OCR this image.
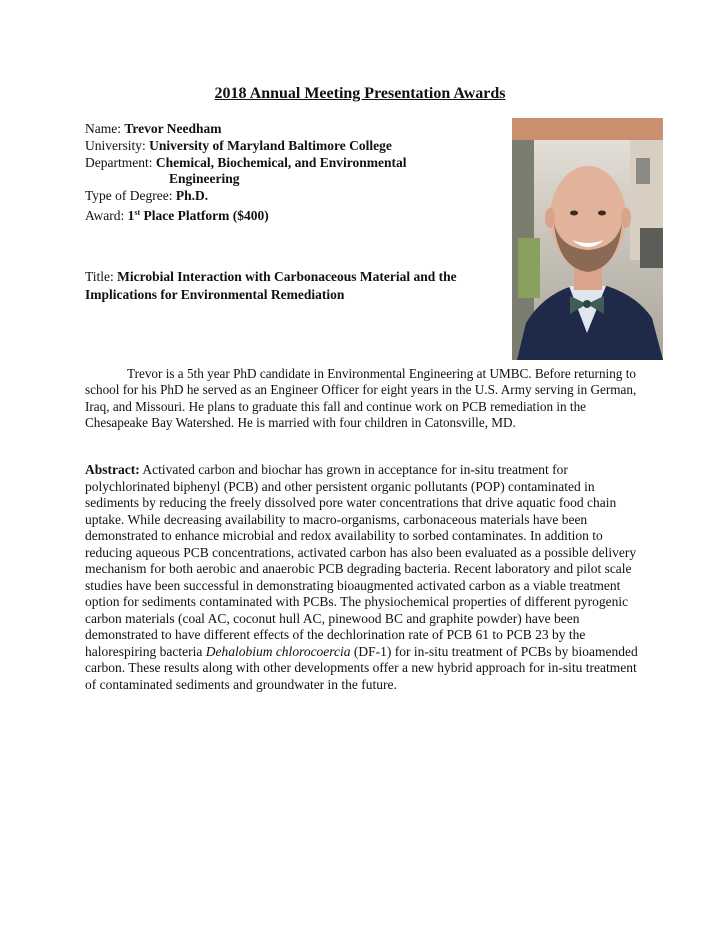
2018 Annual Meeting Presentation Awards
Name: Trevor Needham
University: University of Maryland Baltimore College
Department: Chemical, Biochemical, and Environmental
Engineering
Type of Degree: Ph.D.
Award: 1st Place Platform ($400)
Title: Microbial Interaction with Carbonaceous Material and the Implications for Environmental Remediation
Trevor is a 5th year PhD candidate in Environmental Engineering at UMBC. Before returning to school for his PhD he served as an Engineer Officer for eight years in the U.S. Army serving in German, Iraq, and Missouri. He plans to graduate this fall and continue work on PCB remediation in the Chesapeake Bay Watershed. He is married with four children in Catonsville, MD.
Abstract: Activated carbon and biochar has grown in acceptance for in-situ treatment for polychlorinated biphenyl (PCB) and other persistent organic pollutants (POP) contaminated in sediments by reducing the freely dissolved pore water concentrations that drive aquatic food chain uptake. While decreasing availability to macro-organisms, carbonaceous materials have been demonstrated to enhance microbial and redox availability to sorbed contaminates. In addition to reducing aqueous PCB concentrations, activated carbon has also been evaluated as a possible delivery mechanism for both aerobic and anaerobic PCB degrading bacteria. Recent laboratory and pilot scale studies have been successful in demonstrating bioaugmented activated carbon as a viable treatment option for sediments contaminated with PCBs. The physiochemical properties of different pyrogenic carbon materials (coal AC, coconut hull AC, pinewood BC and graphite powder) have been demonstrated to have different effects of the dechlorination rate of PCB 61 to PCB 23 by the halorespiring bacteria Dehalobium chlorocoercia (DF-1) for in-situ treatment of PCBs by bioamended carbon. These results along with other developments offer a new hybrid approach for in-situ treatment of contaminated sediments and groundwater in the future.
